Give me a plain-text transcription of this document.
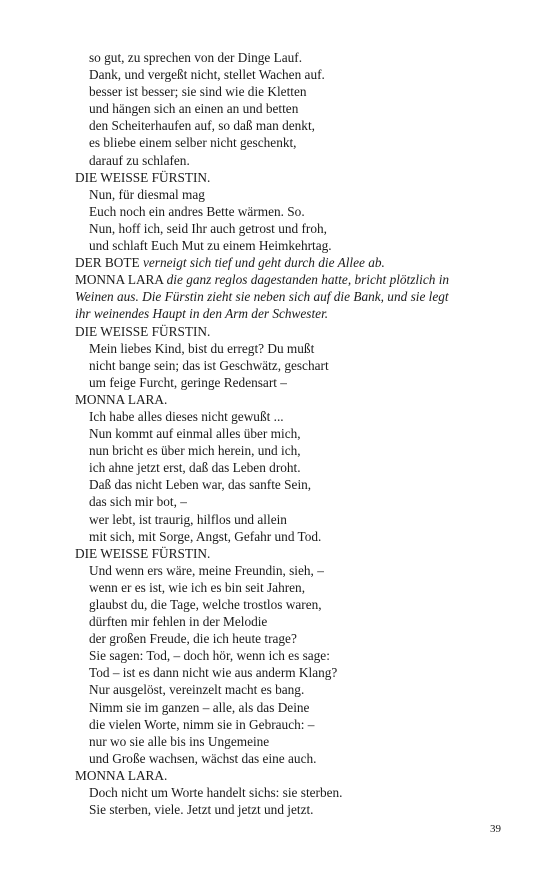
so gut, zu sprechen von der Dinge Lauf.
Dank, und vergeßt nicht, stellet Wachen auf.
besser ist besser; sie sind wie die Kletten
und hängen sich an einen an und betten
den Scheiterhaufen auf, so daß man denkt,
es bliebe einem selber nicht geschenkt,
darauf zu schlafen.
DIE WEISSE FÜRSTIN.
Nun, für diesmal mag
Euch noch ein andres Bette wärmen. So.
Nun, hoff ich, seid Ihr auch getrost und froh,
und schlaft Euch Mut zu einem Heimkehrtag.
DER BOTE verneigt sich tief und geht durch die Allee ab.
MONNA LARA die ganz reglos dagestanden hatte, bricht plötzlich in
Weinen aus. Die Fürstin zieht sie neben sich auf die Bank, und sie legt
ihr weinendes Haupt in den Arm der Schwester.
DIE WEISSE FÜRSTIN.
Mein liebes Kind, bist du erregt? Du mußt
nicht bange sein; das ist Geschwätz, geschart
um feige Furcht, geringe Redensart –
MONNA LARA.
Ich habe alles dieses nicht gewußt ...
Nun kommt auf einmal alles über mich,
nun bricht es über mich herein, und ich,
ich ahne jetzt erst, daß das Leben droht.
Daß das nicht Leben war, das sanfte Sein,
das sich mir bot, –
wer lebt, ist traurig, hilflos und allein
mit sich, mit Sorge, Angst, Gefahr und Tod.
DIE WEISSE FÜRSTIN.
Und wenn ers wäre, meine Freundin, sieh, –
wenn er es ist, wie ich es bin seit Jahren,
glaubst du, die Tage, welche trostlos waren,
dürften mir fehlen in der Melodie
der großen Freude, die ich heute trage?
Sie sagen: Tod, – doch hör, wenn ich es sage:
Tod – ist es dann nicht wie aus anderm Klang?
Nur ausgelöst, vereinzelt macht es bang.
Nimm sie im ganzen – alle, als das Deine
die vielen Worte, nimm sie in Gebrauch: –
nur wo sie alle bis ins Ungemeine
und Große wachsen, wächst das eine auch.
MONNA LARA.
Doch nicht um Worte handelt sichs: sie sterben.
Sie sterben, viele. Jetzt und jetzt und jetzt.
39
